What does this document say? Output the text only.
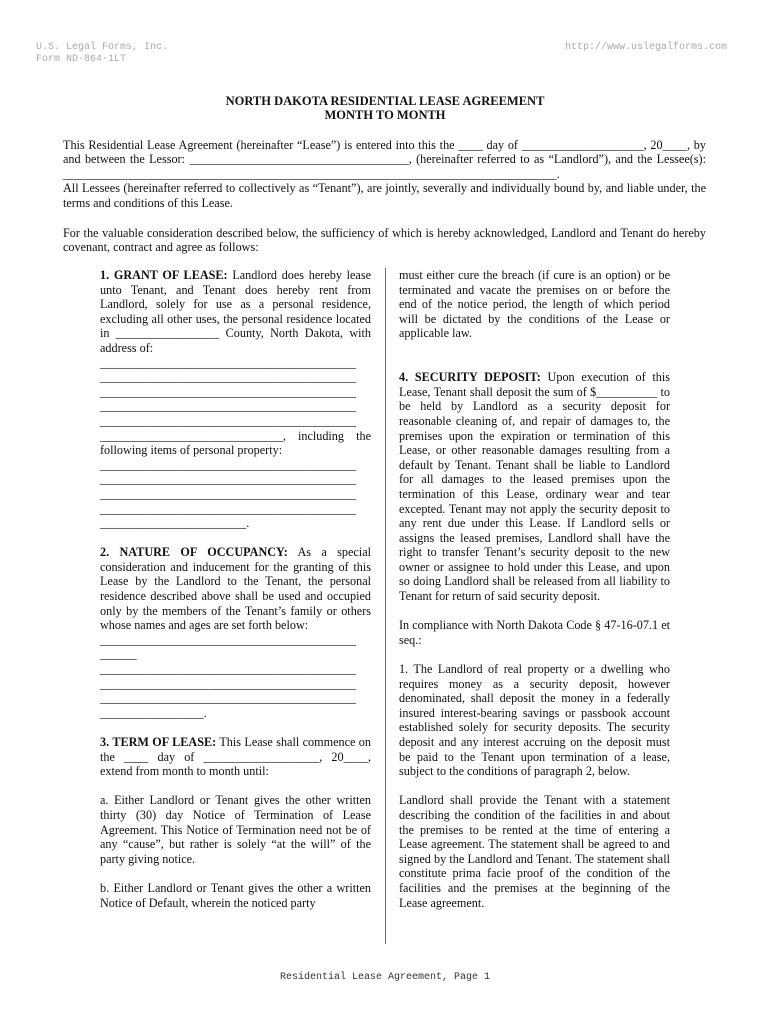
U.S. Legal Forms, Inc.
Form ND-864-1LT
http://www.uslegalforms.com
NORTH DAKOTA RESIDENTIAL LEASE AGREEMENT
MONTH TO MONTH
This Residential Lease Agreement (hereinafter “Lease”) is entered into this the ____ day of ____________________, 20____, by and between the Lessor: ____________________________________, (hereinafter referred to as “Landlord”), and the Lessee(s): _________________________________________________________________________________.
All Lessees (hereinafter referred to collectively as “Tenant”), are jointly, severally and individually bound by, and liable under, the terms and conditions of this Lease.
For the valuable consideration described below, the sufficiency of which is hereby acknowledged, Landlord and Tenant do hereby covenant, contract and agree as follows:

1. GRANT OF LEASE: Landlord does hereby lease unto Tenant, and Tenant does hereby rent from Landlord, solely for use as a personal residence, excluding all other uses, the personal residence located in _________________ County, North Dakota, with address of:

__________________________________________
__________________________________________
__________________________________________
__________________________________________
__________________________________________

______________________________, including the following items of personal property:

__________________________________________
__________________________________________
__________________________________________
__________________________________________
________________________.

2. NATURE OF OCCUPANCY: As a special consideration and inducement for the granting of this Lease by the Landlord to the Tenant, the personal residence described above shall be used and occupied only by the members of the Tenant’s family or others whose names and ages are set forth below:

__________________________________________
______
__________________________________________
__________________________________________
__________________________________________
_________________.

3. TERM OF LEASE: This Lease shall commence on the ____ day of ___________________, 20____, extend from month to month until:

a. Either Landlord or Tenant gives the other written thirty (30) day Notice of Termination of Lease Agreement. This Notice of Termination need not be of any “cause”, but rather is solely “at the will” of the party giving notice.

b. Either Landlord or Tenant gives the other a written Notice of Default, wherein the noticed party

must either cure the breach (if cure is an option) or be terminated and vacate the premises on or before the end of the notice period, the length of which period will be dictated by the conditions of the Lease or applicable law.

4. SECURITY DEPOSIT: Upon execution of this Lease, Tenant shall deposit the sum of $__________ to be held by Landlord as a security deposit for reasonable cleaning of, and repair of damages to, the premises upon the expiration or termination of this Lease, or other reasonable damages resulting from a default by Tenant. Tenant shall be liable to Landlord for all damages to the leased premises upon the termination of this Lease, ordinary wear and tear excepted. Tenant may not apply the security deposit to any rent due under this Lease. If Landlord sells or assigns the leased premises, Landlord shall have the right to transfer Tenant’s security deposit to the new owner or assignee to hold under this Lease, and upon so doing Landlord shall be released from all liability to Tenant for return of said security deposit.

In compliance with North Dakota Code § 47-16-07.1 et seq.:

1. The Landlord of real property or a dwelling who requires money as a security deposit, however denominated, shall deposit the money in a federally insured interest-bearing savings or passbook account established solely for security deposits. The security deposit and any interest accruing on the deposit must be paid to the Tenant upon termination of a lease, subject to the conditions of paragraph 2, below.

Landlord shall provide the Tenant with a statement describing the condition of the facilities in and about the premises to be rented at the time of entering a Lease agreement. The statement shall be agreed to and signed by the Landlord and Tenant. The statement shall constitute prima facie proof of the condition of the facilities and the premises at the beginning of the Lease agreement.

Residential Lease Agreement, Page 1
